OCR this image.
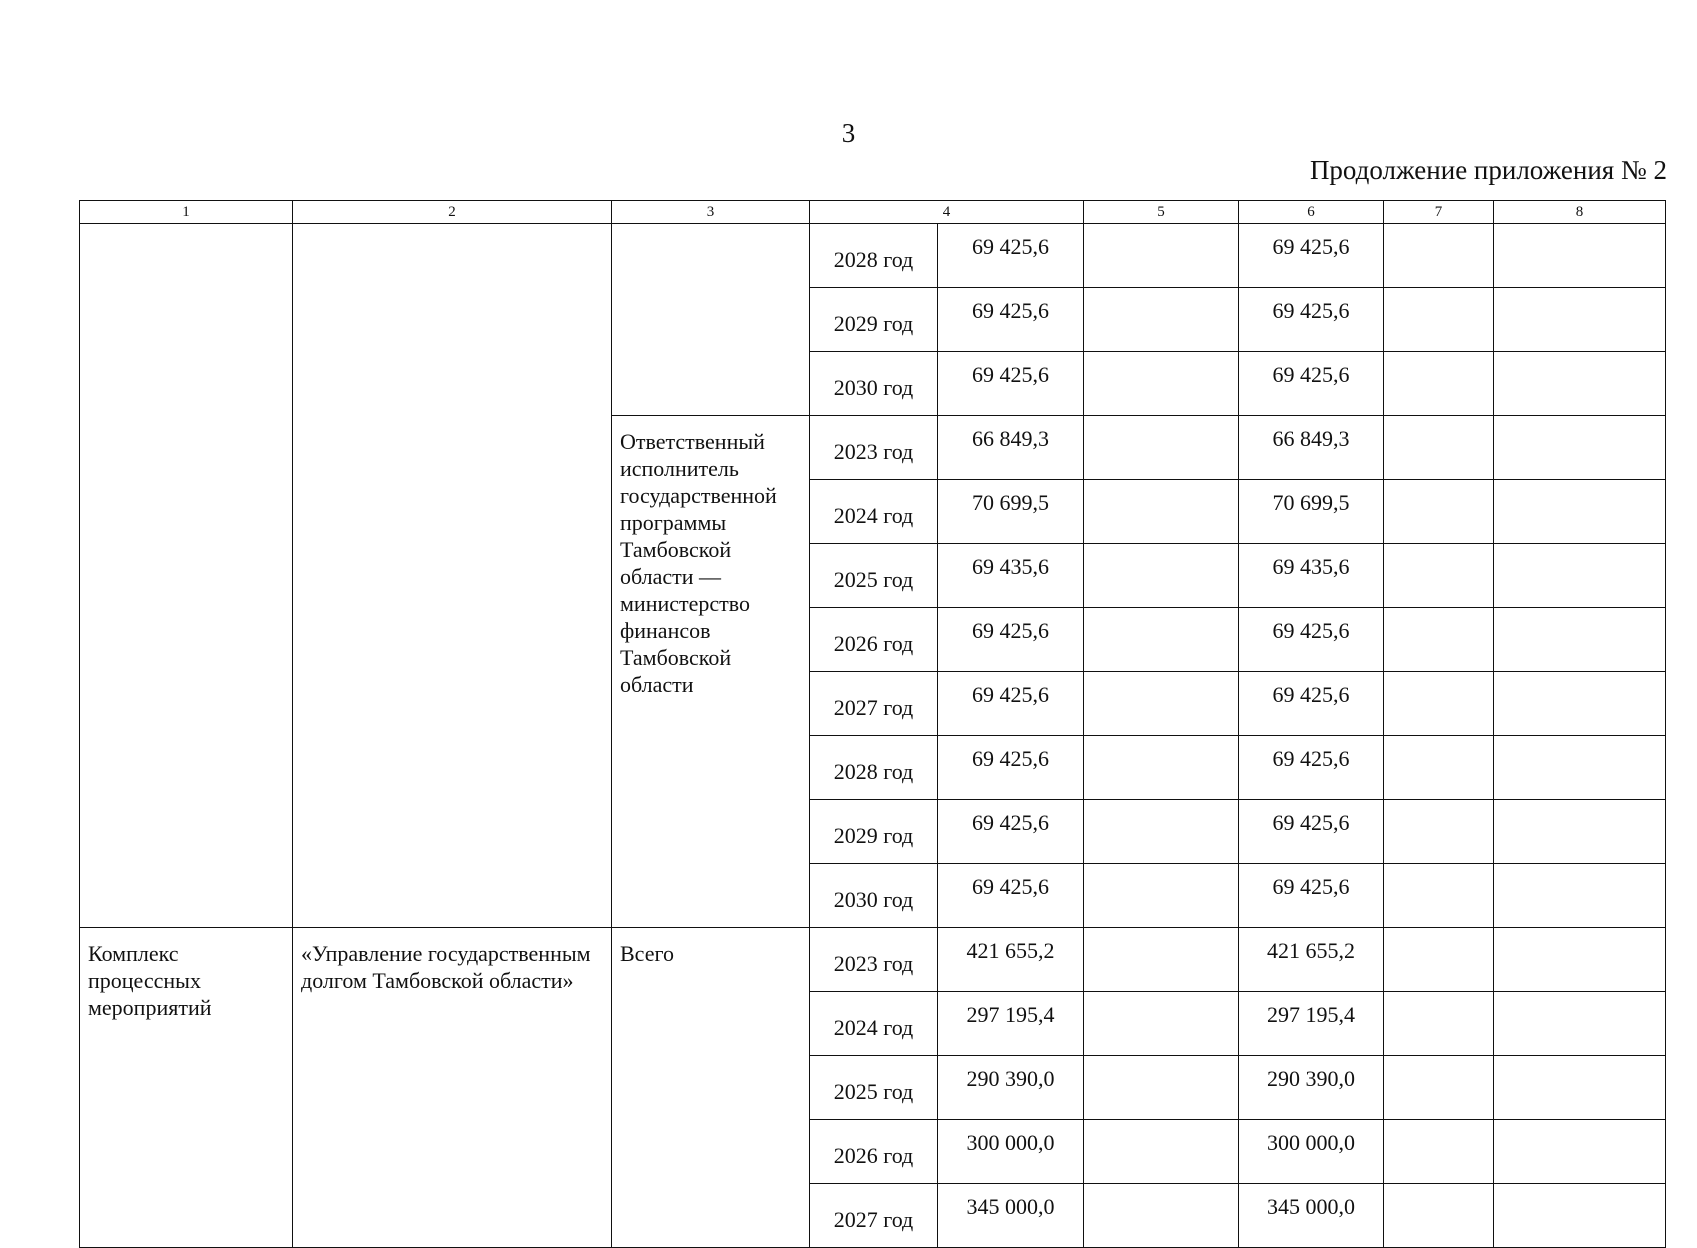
3
Продолжение приложения № 2
1	2	3	4		5	6	7	8
			2028 год	69 425,6		69 425,6		
			2029 год	69 425,6		69 425,6		
			2030 год	69 425,6		69 425,6		
		Ответственный исполнитель государственной программы Тамбовской области — министерство финансов Тамбовской области	2023 год	66 849,3		66 849,3		
			2024 год	70 699,5		70 699,5		
			2025 год	69 435,6		69 435,6		
			2026 год	69 425,6		69 425,6		
			2027 год	69 425,6		69 425,6		
			2028 год	69 425,6		69 425,6		
			2029 год	69 425,6		69 425,6		
			2030 год	69 425,6		69 425,6		
Комплекс процессных мероприятий	«Управление государственным долгом Тамбовской области»	Всего	2023 год	421 655,2		421 655,2		
			2024 год	297 195,4		297 195,4		
			2025 год	290 390,0		290 390,0		
			2026 год	300 000,0		300 000,0		
			2027 год	345 000,0		345 000,0		
